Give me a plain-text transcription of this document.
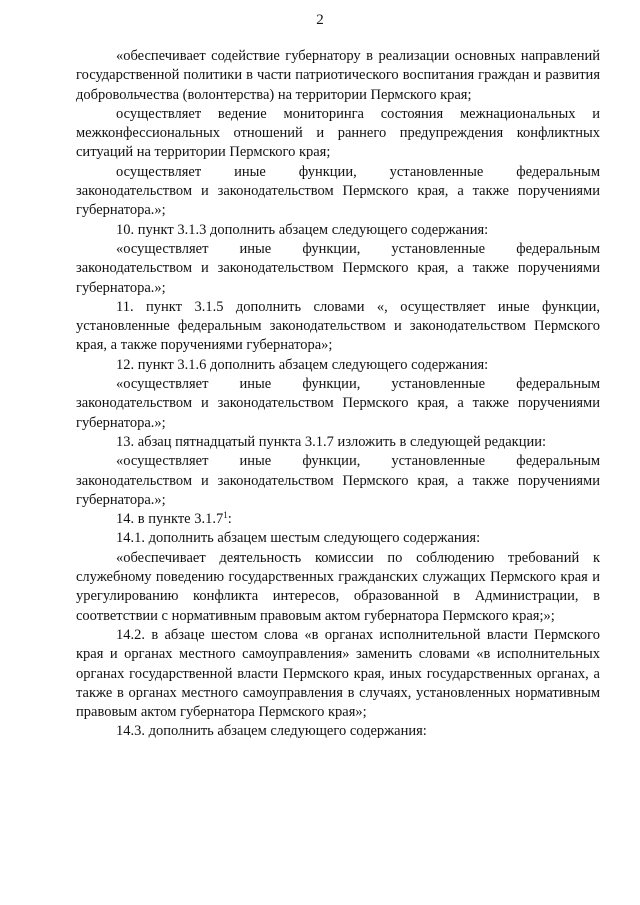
2

«обеспечивает содействие губернатору в реализации основных направлений государственной политики в части патриотического воспитания граждан и развития добровольчества (волонтерства) на территории Пермского края;

осуществляет ведение мониторинга состояния межнациональных и межконфессиональных отношений и раннего предупреждения конфликтных ситуаций на территории Пермского края;

осуществляет иные функции, установленные федеральным законодательством и законодательством Пермского края, а также поручениями губернатора.»;

10. пункт 3.1.3 дополнить абзацем следующего содержания:

«осуществляет иные функции, установленные федеральным законодательством и законодательством Пермского края, а также поручениями губернатора.»;

11. пункт 3.1.5 дополнить словами «, осуществляет иные функции, установленные федеральным законодательством и законодательством Пермского края, а также поручениями губернатора»;

12. пункт 3.1.6 дополнить абзацем следующего содержания:

«осуществляет иные функции, установленные федеральным законодательством и законодательством Пермского края, а также поручениями губернатора.»;

13. абзац пятнадцатый пункта 3.1.7 изложить в следующей редакции:

«осуществляет иные функции, установленные федеральным законодательством и законодательством Пермского края, а также поручениями губернатора.»;

14. в пункте 3.1.7$^1$:

14.1. дополнить абзацем шестым следующего содержания:

«обеспечивает деятельность комиссии по соблюдению требований к служебному поведению государственных гражданских служащих Пермского края и урегулированию конфликта интересов, образованной в Администрации, в соответствии с нормативным правовым актом губернатора Пермского края;»;

14.2. в абзаце шестом слова «в органах исполнительной власти Пермского края и органах местного самоуправления» заменить словами «в исполнительных органах государственной власти Пермского края, иных государственных органах, а также в органах местного самоуправления в случаях, установленных нормативным правовым актом губернатора Пермского края»;

14.3. дополнить абзацем следующего содержания:
